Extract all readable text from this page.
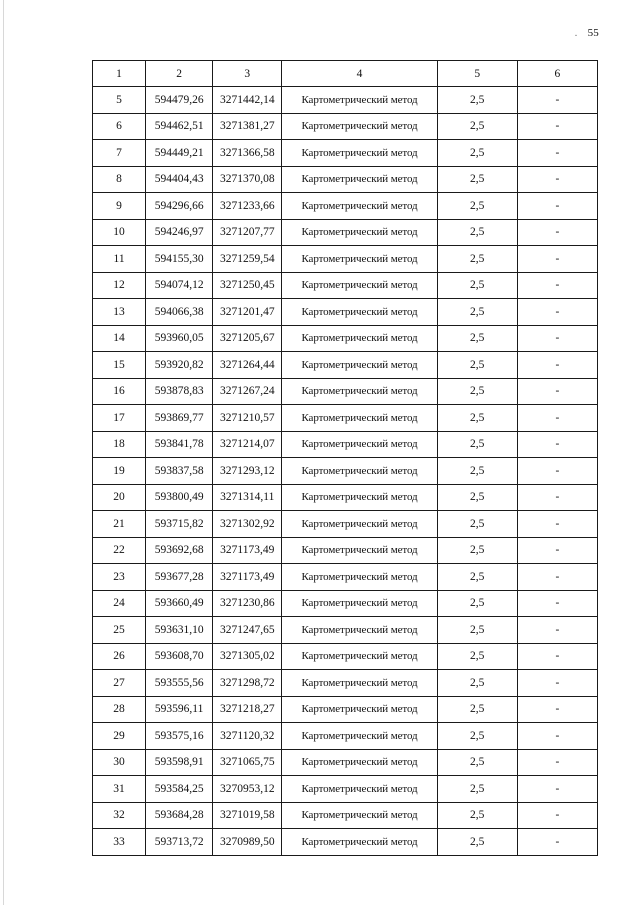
. 55
1	2	3	4	5	6
5	594479,26	3271442,14	Картометрический метод	2,5	-
6	594462,51	3271381,27	Картометрический метод	2,5	-
7	594449,21	3271366,58	Картометрический метод	2,5	-
8	594404,43	3271370,08	Картометрический метод	2,5	-
9	594296,66	3271233,66	Картометрический метод	2,5	-
10	594246,97	3271207,77	Картометрический метод	2,5	-
11	594155,30	3271259,54	Картометрический метод	2,5	-
12	594074,12	3271250,45	Картометрический метод	2,5	-
13	594066,38	3271201,47	Картометрический метод	2,5	-
14	593960,05	3271205,67	Картометрический метод	2,5	-
15	593920,82	3271264,44	Картометрический метод	2,5	-
16	593878,83	3271267,24	Картометрический метод	2,5	-
17	593869,77	3271210,57	Картометрический метод	2,5	-
18	593841,78	3271214,07	Картометрический метод	2,5	-
19	593837,58	3271293,12	Картометрический метод	2,5	-
20	593800,49	3271314,11	Картометрический метод	2,5	-
21	593715,82	3271302,92	Картометрический метод	2,5	-
22	593692,68	3271173,49	Картометрический метод	2,5	-
23	593677,28	3271173,49	Картометрический метод	2,5	-
24	593660,49	3271230,86	Картометрический метод	2,5	-
25	593631,10	3271247,65	Картометрический метод	2,5	-
26	593608,70	3271305,02	Картометрический метод	2,5	-
27	593555,56	3271298,72	Картометрический метод	2,5	-
28	593596,11	3271218,27	Картометрический метод	2,5	-
29	593575,16	3271120,32	Картометрический метод	2,5	-
30	593598,91	3271065,75	Картометрический метод	2,5	-
31	593584,25	3270953,12	Картометрический метод	2,5	-
32	593684,28	3271019,58	Картометрический метод	2,5	-
33	593713,72	3270989,50	Картометрический метод	2,5	-
